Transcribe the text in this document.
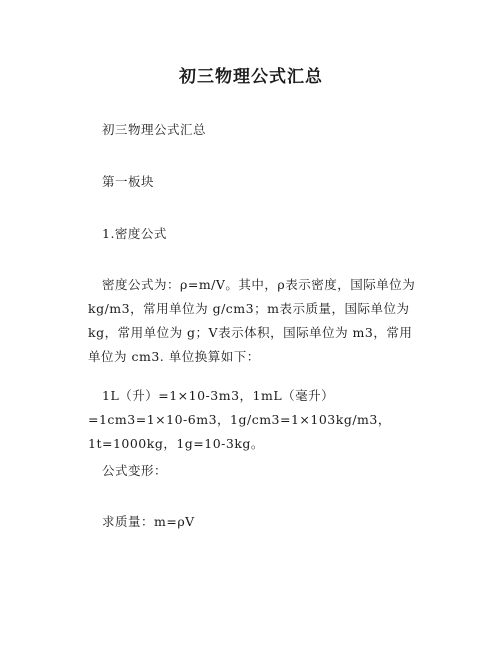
初三物理公式汇总

初三物理公式汇总

第一板块

1.密度公式

密度公式为：ρ=m/V。其中，ρ表示密度，国际单位为kg/m3，常用单位为 g/cm3；m表示质量，国际单位为 kg，常用单位为 g；V表示体积，国际单位为 m3，常用单位为 cm3. 单位换算如下：

1L（升）=1×10-3m3，1mL（毫升）=1cm3=1×10-6m3，1g/cm3=1×103kg/m3，1t=1000kg，1g=10-3kg。

公式变形：

求质量：m=ρV
